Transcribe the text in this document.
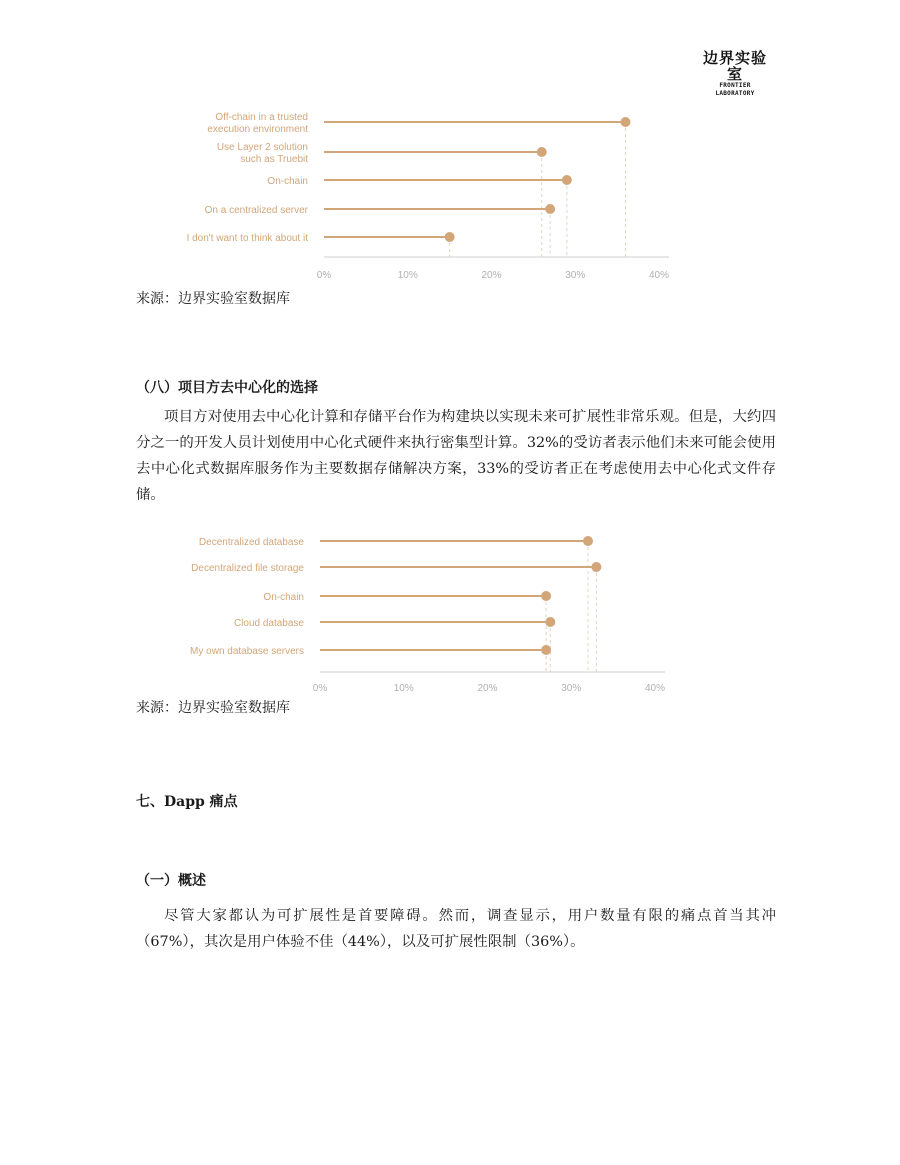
边界实验室
FRONTIER LABORATORY
0%	10%	20%	30%	40%
Off-chain in a trusted
execution environment
Use Layer 2 solution
such as Truebit
On-chain
On a centralized server
I don't want to think about it
来源：边界实验室数据库
（八）项目方去中心化的选择

项目方对使用去中心化计算和存储平台作为构建块以实现未来可扩展性非常乐观。但是，大约四分之一的开发人员计划使用中心化式硬件来执行密集型计算。32%的受访者表示他们未来可能会使用去中心化式数据库服务作为主要数据存储解决方案，33%的受访者正在考虑使用去中心化式文件存储。

0%	10%	20%	30%	40%
Decentralized database
Decentralized file storage
On-chain
Cloud database
My own database servers
来源：边界实验室数据库
七、Dapp 痛点
（一）概述

尽管大家都认为可扩展性是首要障碍。然而，调查显示，用户数量有限的痛点首当其冲（67%），其次是用户体验不佳（44%），以及可扩展性限制（36%）。
